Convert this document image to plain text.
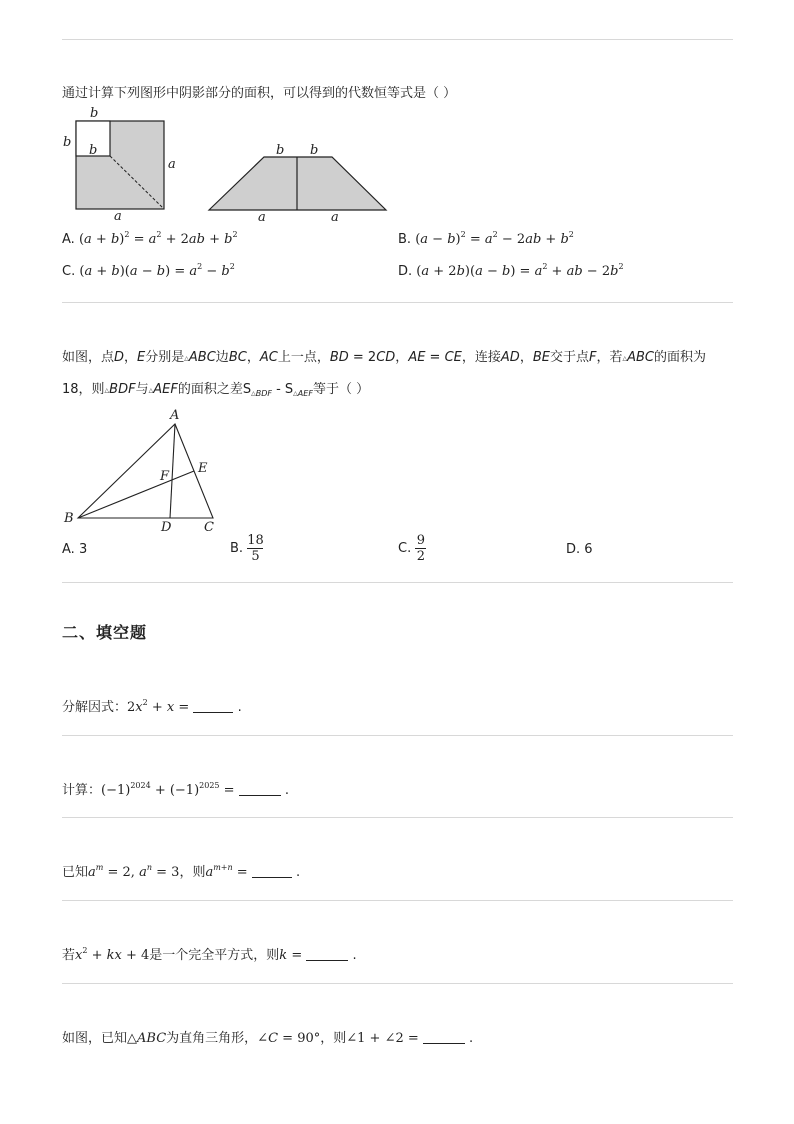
通过计算下列图形中阴影部分的面积，可以得到的代数恒等式是（ ）
b
b
b
a
a
b b
a	a
A. $(a + b)^2 = a^2 + 2ab + b^2$	B. $(a - b)^2 = a^2 - 2ab + b^2$
C. $(a + b)(a - b) = a^2 - b^2$	D. $(a + 2b)(a - b) = a^2$ + ab − $2b^2$
如图，点D，E分别是△ABC边BC，AC上一点，BD = 2CD，AE = CE，连接AD，BE交于点F，若△ABC的面积为
18，则△BDF与△AEF的面积之差$S_{\triangle BDF} - S_{\triangle AEF}$等于（ ）
A
B
C
D
E
F
A. 3	B. $\frac{18}{5}$	C. $\frac{9}{2}$	D. 6
二、填空题
分解因式：$2x^2 + x$ =	.
计算：$(-1)^{2024} + (-1)^{2025}$ =	.
已知$a^m = 2$, $a^n = 3$，则$a^{m+n}$ =	.
若$x^2$ + kx + 4是一个完全平方式，则k =	.
如图，已知△ABC为直角三角形，∠C = 90°，则∠1 + ∠2 =	.
